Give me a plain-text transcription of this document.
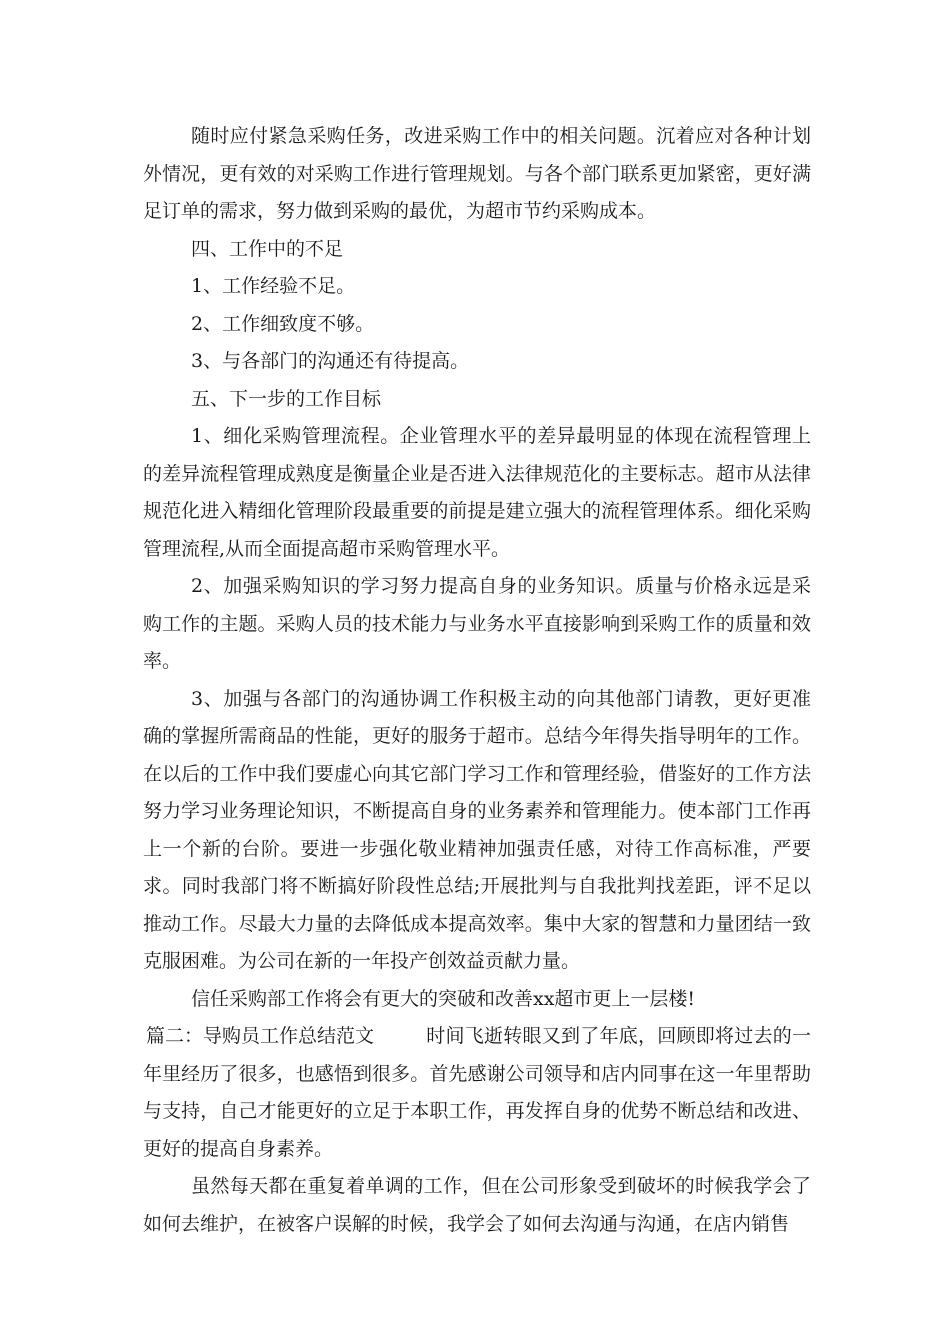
随时应付紧急采购任务，改进采购工作中的相关问题。沉着应对各种计划外情况，更有效的对采购工作进行管理规划。与各个部门联系更加紧密，更好满足订单的需求，努力做到采购的最优，为超市节约采购成本。

四、工作中的不足

1、工作经验不足。

2、工作细致度不够。

3、与各部门的沟通还有待提高。

五、下一步的工作目标

1、细化采购管理流程。企业管理水平的差异最明显的体现在流程管理上的差异流程管理成熟度是衡量企业是否进入法律规范化的主要标志。超市从法律规范化进入精细化管理阶段最重要的前提是建立强大的流程管理体系。细化采购管理流程,从而全面提高超市采购管理水平。

2、加强采购知识的学习努力提高自身的业务知识。质量与价格永远是采购工作的主题。采购人员的技术能力与业务水平直接影响到采购工作的质量和效率。

3、加强与各部门的沟通协调工作积极主动的向其他部门请教，更好更准确的掌握所需商品的性能，更好的服务于超市。总结今年得失指导明年的工作。在以后的工作中我们要虚心向其它部门学习工作和管理经验，借鉴好的工作方法努力学习业务理论知识，不断提高自身的业务素养和管理能力。使本部门工作再上一个新的台阶。要进一步强化敬业精神加强责任感，对待工作高标准，严要求。同时我部门将不断搞好阶段性总结;开展批判与自我批判找差距，评不足以推动工作。尽最大力量的去降低成本提高效率。集中大家的智慧和力量团结一致克服困难。为公司在新的一年投产创效益贡献力量。

信任采购部工作将会有更大的突破和改善xx超市更上一层楼!

篇二：导购员工作总结范文	时间飞逝转眼又到了年底，回顾即将过去的一年里经历了很多，也感悟到很多。首先感谢公司领导和店内同事在这一年里帮助与支持，自己才能更好的立足于本职工作，再发挥自身的优势不断总结和改进、更好的提高自身素养。

虽然每天都在重复着单调的工作，但在公司形象受到破坏的时候我学会了如何去维护，在被客户误解的时候，我学会了如何去沟通与沟通，在店内销售
